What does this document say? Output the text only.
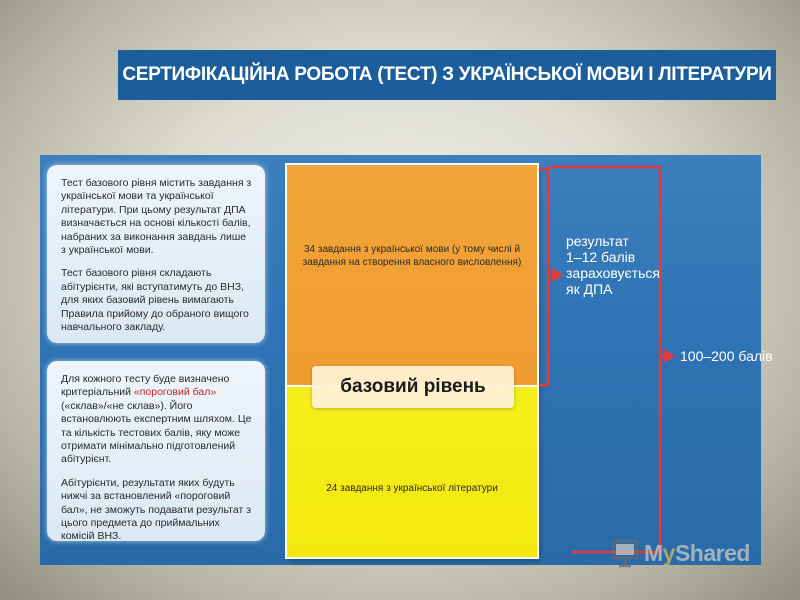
СЕРТИФІКАЦІЙНА РОБОТА (ТЕСТ) З УКРАЇНСЬКОЇ МОВИ І ЛІТЕРАТУРИ

Тест базового рівня містить завдання з української мови та української літератури. При цьому результат ДПА визначається на основі кількості балів, набраних за виконання завдань лише з української мови.

Тест базового рівня складають абітурієнти, які вступатимуть до ВНЗ, для яких базовий рівень вимагають Правила прийому до обраного вищого навчального закладу.

Для кожного тесту буде визначено критеріальний «пороговий бал» («склав»/«не склав»). Його встановлюють експертним шляхом. Це та кількість тестових балів, яку може отримати мінімально підготовлений абітурієнт.

Абітурієнти, результати яких будуть нижчі за встановлений «пороговий бал», не зможуть подавати результат з цього предмета до приймальних комісій ВНЗ.

34 завдання з української мови (у тому числі й завдання на створення власного висловлення)
24 завдання з української літератури
базовий рівень
результат
1–12 балів
зараховується
як ДПА
100–200 балів
MyShared
